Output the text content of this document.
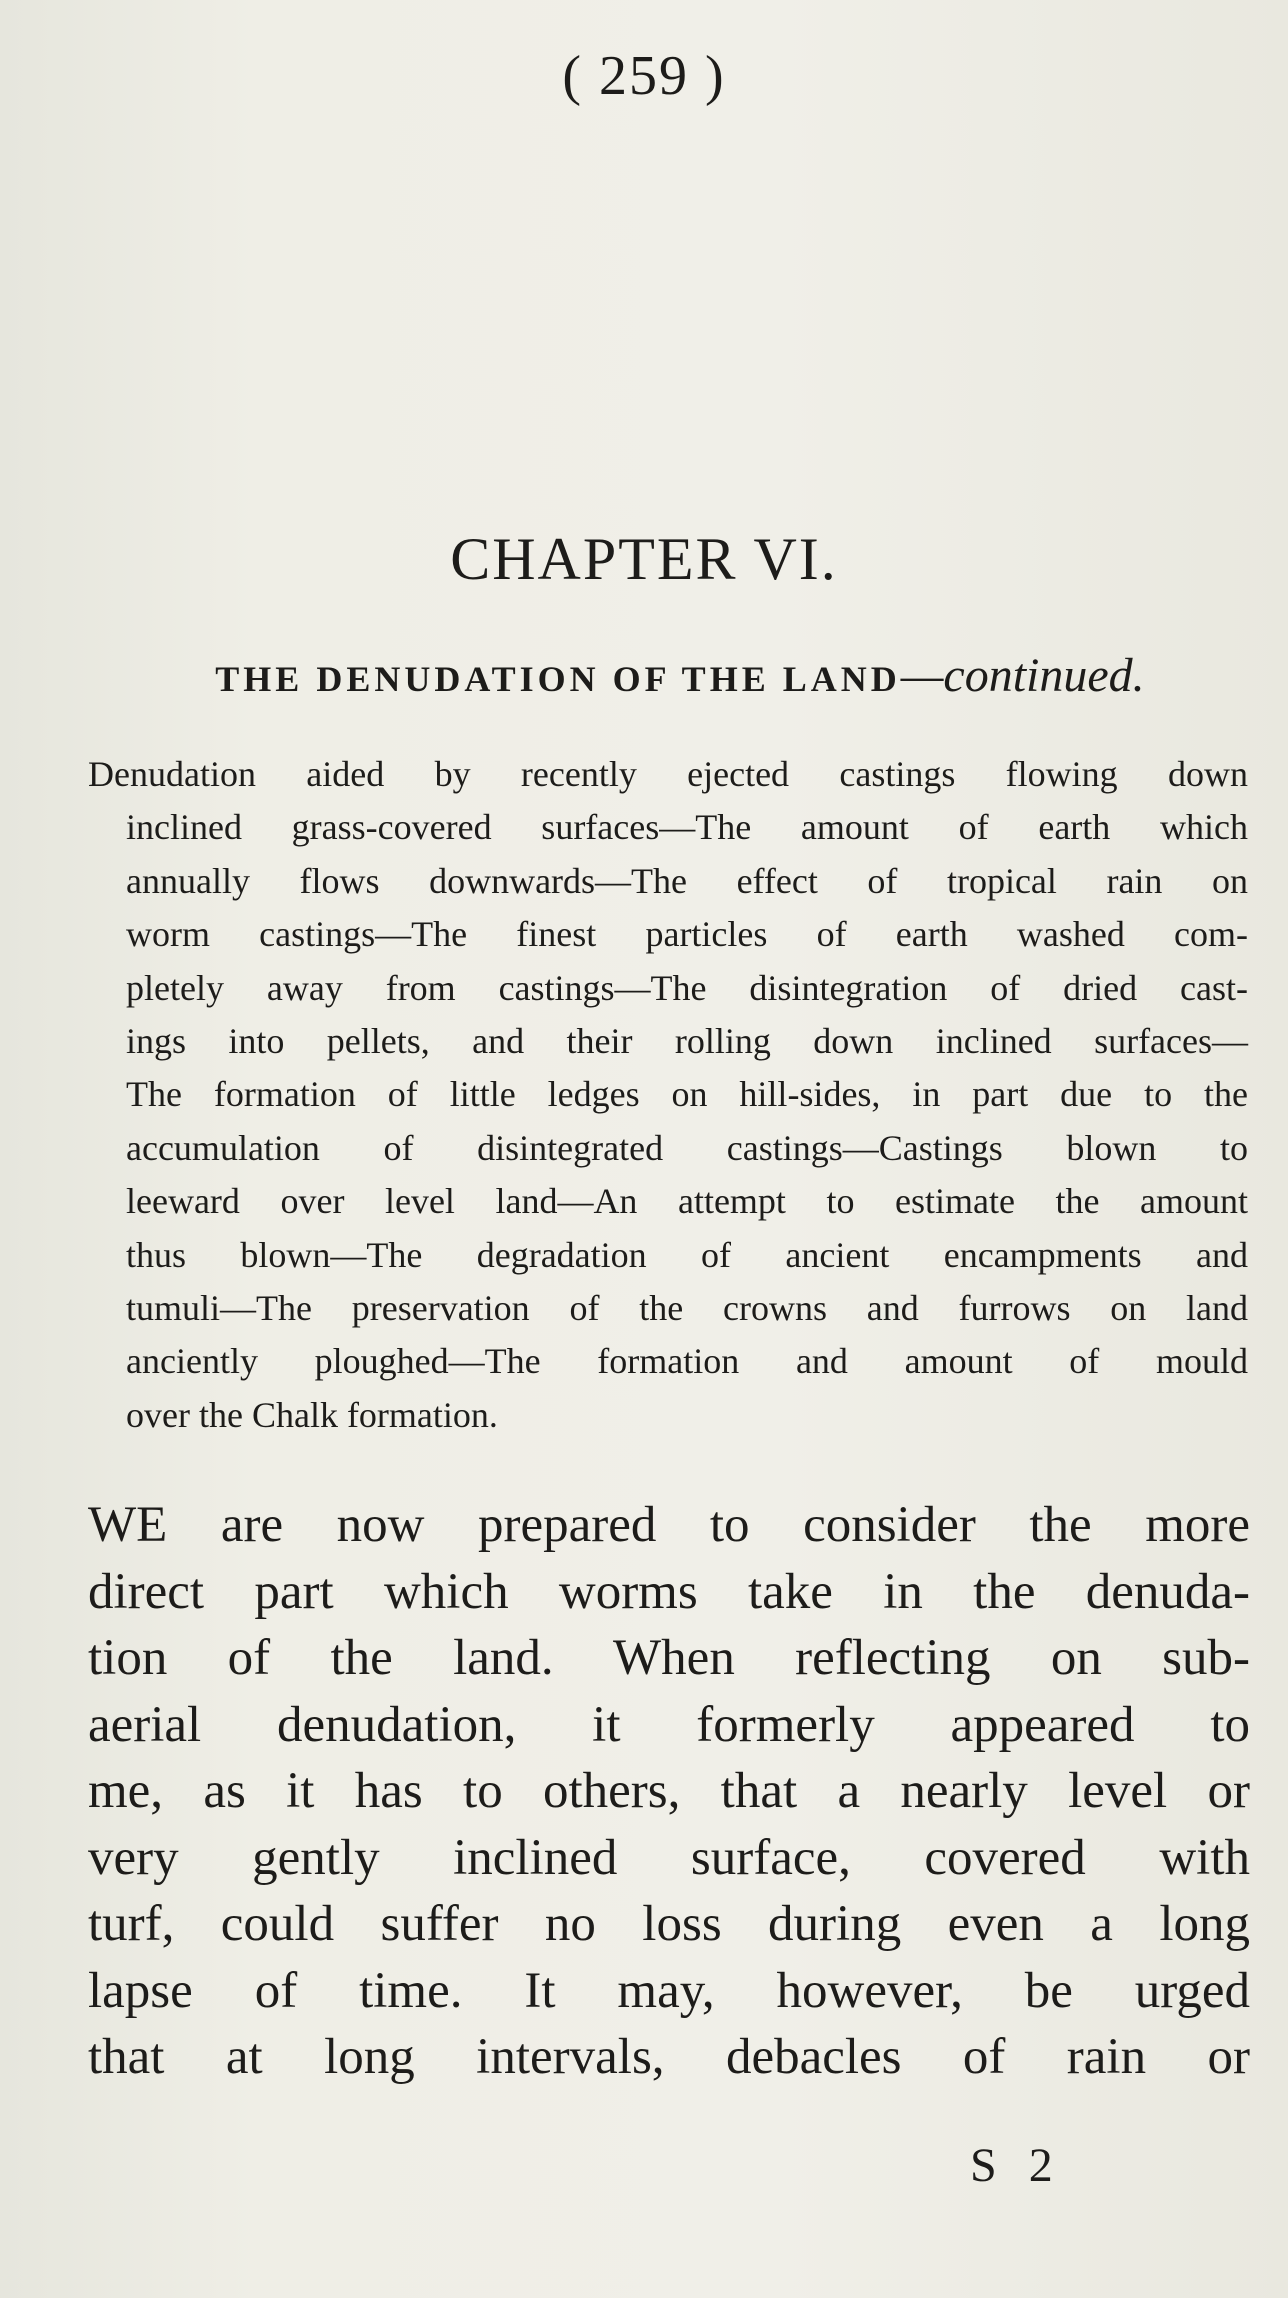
( 259 )
CHAPTER VI.
THE DENUDATION OF THE LAND—continued.
Denudation aided by recently ejected castings flowing down
inclined grass-covered surfaces—The amount of earth which
annually flows downwards—The effect of tropical rain on
worm castings—The finest particles of earth washed com-
pletely away from castings—The disintegration of dried cast-
ings into pellets, and their rolling down inclined surfaces—
The formation of little ledges on hill-sides, in part due to the
accumulation of disintegrated castings—Castings blown to
leeward over level land—An attempt to estimate the amount
thus blown—The degradation of ancient encampments and
tumuli—The preservation of the crowns and furrows on land
anciently ploughed—The formation and amount of mould
over the Chalk formation.
WE are now prepared to consider the more
direct part which worms take in the denuda-
tion of the land. When reflecting on sub-
aerial denudation, it formerly appeared to
me, as it has to others, that a nearly level or
very gently inclined surface, covered with
turf, could suffer no loss during even a long
lapse of time. It may, however, be urged
that at long intervals, debacles of rain or
S 2
